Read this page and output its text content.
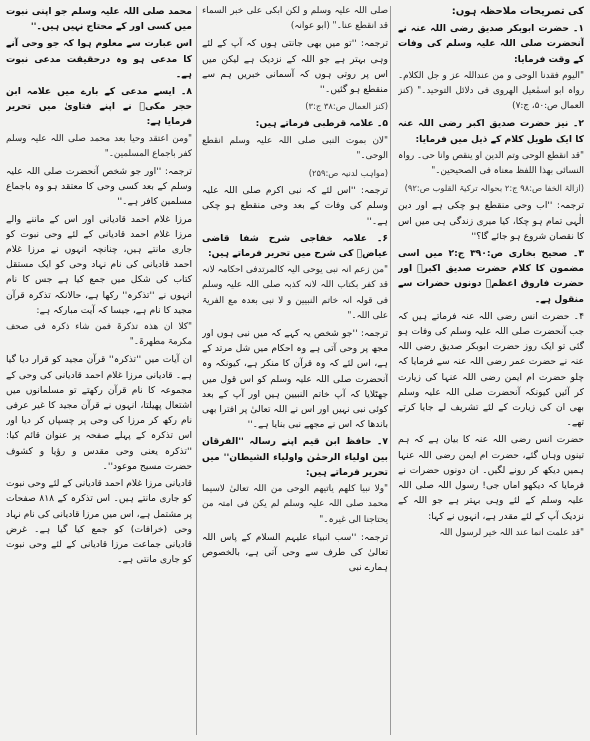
کی تصریحات ملاحظہ ہوں:

۱۔ حضرت ابوبکر صدیق رضی اللہ عنہ نے آنحضرت صلی اللہ علیہ وسلم کی وفات کے وقت فرمایا:

"الیوم فقدنا الوحی و من عنداللہ عز و جل الکلام۔ رواہ ابو اسمٰعیل الھروی فی دلائل التوحید۔" (کنز العمال ص:۵۰، ج:۷)

۲۔ نیز حضرت صدیق اکبر رضی اللہ عنہ کا ایک طویل کلام کے ذیل میں فرمایا:

"قد انقطع الوحی وتم الدین او ینقص وانا حی۔ رواہ النسائی بھذا اللفظ معناہ فی الصحیحین۔"

(ازالۃ الخفا ص:۹۸ ج:۲ بحوالہ ترکیۃ القلوب ص:۹۲)

ترجمہ: ''اب وحی منقطع ہو چکی ہے اور دین الٰہی تمام ہو چکا، کیا میری زندگی ہی میں اس کا نقصان شروع ہو جائے گا؟''

۳۔ صحیح بخاری ص:۳۹۰ ج:۲ میں اسی مضمون کا کلام حضرت صدیق اکبرؓ اور حضرت فاروق اعظمؓ دونوں حضرات سے منقول ہے۔

۴۔ حضرت انس رضی اللہ عنہ فرماتے ہیں کہ جب آنحضرت صلی اللہ علیہ وسلم کی وفات ہو گئی تو ایک روز حضرت ابوبکر صدیق رضی اللہ عنہ نے حضرت عمر رضی اللہ عنہ سے فرمایا کہ چلو حضرت ام ایمن رضی اللہ عنہا کی زیارت کر آئیں کیونکہ آنحضرت صلی اللہ علیہ وسلم بھی ان کی زیارت کے لئے تشریف لے جایا کرتے تھے۔

حضرت انس رضی اللہ عنہ کا بیان ہے کہ ہم تینوں وہاں گئے، حضرت ام ایمن رضی اللہ عنہا ہمیں دیکھ کر رونے لگیں۔ ان دونوں حضرات نے فرمایا کہ دیکھو اماں جی! رسول اللہ صلی اللہ علیہ وسلم کے لئے وہی بہتر ہے جو اللہ کے نزدیک آپ کے لئے مقدر ہے، انہوں نے کہا:

"قد علمت انما عند اللہ خیر لرسول اللہ

صلی اللہ علیہ وسلم و لکن ابکی علی خبر السماء قد انقطع عنا۔" (ابو عوانہ)

ترجمہ: ''تو میں بھی جانتی ہوں کہ آپ کے لئے وہی بہتر ہے جو اللہ کے نزدیک ہے لیکن میں اس پر روتی ہوں کہ آسمانی خبریں ہم سے منقطع ہو گئیں۔''

(کنز العمال ص:۳۸ ج:۳)

۵۔ علامہ قرطبی فرماتے ہیں:

"لان بموت النبی صلی اللہ علیہ وسلم انقطع الوحی۔"

(مواہب لدنیہ ص:۲۵۹)

ترجمہ: ''اس لئے کہ نبی اکرم صلی اللہ علیہ وسلم کی وفات کے بعد وحی منقطع ہو چکی ہے۔''

۶۔ علامہ خفاجی شرح شفا قاضی عیاضؒ کی شرح میں تحریر فرماتے ہیں:

"من زعم انہ نبی یوحی الیہ کالمرتدفی احکامہ لانہ قد کفر بکتاب اللہ لانہ کذبہ صلی اللہ علیہ وسلم فی قولہ انہ خاتم النبیین و لا نبی بعدہ مع الفریۃ علی اللہ۔"

ترجمہ: ''جو شخص یہ کہے کہ میں نبی ہوں اور مجھ پر وحی آتی ہے وہ احکام میں شل مرتد کے ہے، اس لئے کہ وہ قرآن کا منکر ہے، کیونکہ وہ آنحضرت صلی اللہ علیہ وسلم کو اس قول میں جھٹلایا کہ آپ خاتم النبیین ہیں اور آپ کے بعد کوئی نبی نہیں اور اس نے اللہ تعالیٰ پر افترا بھی باندھا کہ اس نے مجھے نبی بنایا ہے۔''

۷۔ حافظ ابن قیم اپنے رسالہ ''الفرقان بین اولیاء الرحمٰن واولیاء الشیطان'' میں تحریر فرماتے ہیں:

"ولا نبیا کلھم یاتیھم الوحی من اللہ تعالیٰ لاسیما محمد صلی اللہ علیہ وسلم لم یکن فی امتہ من یحتاجنا الی غیرہ۔"

ترجمہ: ''سب انبیاء علیہم السلام کے پاس اللہ تعالیٰ کی طرف سے وحی آتی ہے، بالخصوص ہمارے نبی

محمد صلی اللہ علیہ وسلم جو اپنی نبوت میں کسی اور کے محتاج نہیں ہیں۔''

اس عبارت سے معلوم ہوا کہ جو وحی آنے کا مدعی ہو وہ درحقیقت مدعی نبوت ہے۔

۸۔ ایسے مدعی کے بارے میں علامہ ابن حجر مکیؒ نے اپنے فتاویٰ میں تحریر فرمایا ہے:

"ومن اعتقد وحیا بعد محمد صلی اللہ علیہ وسلم کفر باجماع المسلمین۔"

ترجمہ: ''اور جو شخص آنحضرت صلی اللہ علیہ وسلم کے بعد کسی وحی کا معتقد ہو وہ باجماع مسلمین کافر ہے۔''

مرزا غلام احمد قادیانی اور اس کے ماننے والے مرزا غلام احمد قادیانی کے لئے وحی نبوت کو جاری مانتے ہیں، چنانچہ انہوں نے مرزا غلام احمد قادیانی کی نام نہاد وحی کو ایک مستقل کتاب کی شکل میں جمع کیا ہے جس کا نام انہوں نے ''تذکرہ'' رکھا ہے، حالانکہ تذکرہ قرآن مجید کا نام ہے، جیسا کہ آیت مبارکہ ہے:

"کلا ان ھذہ تذکرۃ فمن شاء ذکرہ فی صحف مکرمۃ مطھرۃ۔"

ان آیات میں ''تذکرہ'' قرآن مجید کو قرار دیا گیا ہے۔ قادیانی مرزا غلام احمد قادیانی کی وحی کے مجموعہ کا نام قرآن رکھتے تو مسلمانوں میں اشتعال پھیلتا، انہوں نے قرآن مجید کا غیر عرفی نام رکھ کر مرزا کی وحی پر چسپاں کر دیا اور اس تذکرہ کے پہلے صفحہ پر عنوان قائم کیا: ''تذکرہ یعنی وحی مقدس و رؤیا و کشوف حضرت مسیح موعود''۔

قادیانی مرزا غلام احمد قادیانی کے لئے وحی نبوت کو جاری مانتے ہیں۔ اس تذکرہ کے ۸۱۸ صفحات پر مشتمل ہے، اس میں مرزا قادیانی کی نام نہاد وحی (خرافات) کو جمع کیا گیا ہے۔ غرض قادیانی جماعت مرزا قادیانی کے لئے وحی نبوت کو جاری مانتی ہے۔
